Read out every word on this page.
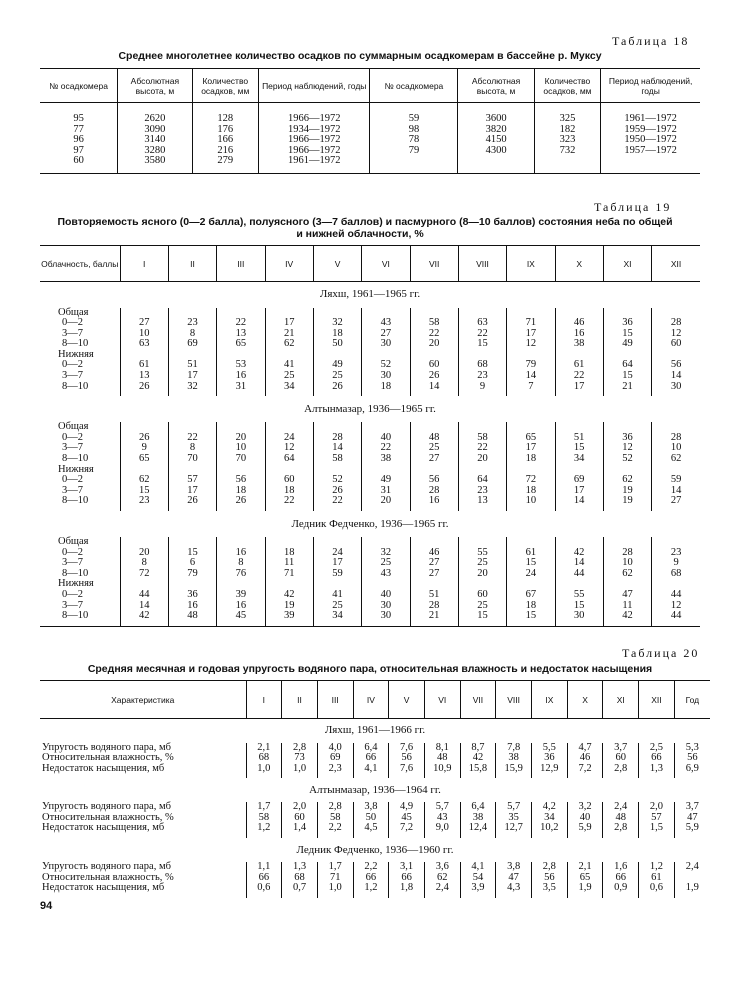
Таблица 18
Среднее многолетнее количество осадков по суммарным осадкомерам в бассейне р. Муксу
№ осадкомера	Абсолютная высота, м	Количество осадков, мм	Период наблюдений, годы	№ осадкомера	Абсолютная высота, м	Количество осадков, мм	Период наблюдений, годы
95	2620	128	1966—1972	59	3600	325	1961—1972
77	3090	176	1934—1972	98	3820	182	1959—1972
96	3140	166	1966—1972	78	4150	323	1950—1972
97	3280	216	1966—1972	79	4300	732	1957—1972
60	3580	279	1961—1972				
Таблица 19
Повторяемость ясного (0—2 балла), полуясного (3—7 баллов) и пасмурного (8—10 баллов) состояния неба по общей
и нижней облачности, %
Облачность, баллы	I	II	III	IV	V	VI	VII	VIII	IX	X	XI	XII
Ляхш, 1961—1965 гг.												
Общая												
0—2	27	23	22	17	32	43	58	63	71	46	36	28
3—7	10	8	13	21	18	27	22	22	17	16	15	12
8—10	63	69	65	62	50	30	20	15	12	38	49	60
Нижняя												
0—2	61	51	53	41	49	52	60	68	79	61	64	56
3—7	13	17	16	25	25	30	26	23	14	22	15	14
8—10	26	32	31	34	26	18	14	9	7	17	21	30
Алтынмазар, 1936—1965 гг.												
Общая												
0—2	26	22	20	24	28	40	48	58	65	51	36	28
3—7	9	8	10	12	14	22	25	22	17	15	12	10
8—10	65	70	70	64	58	38	27	20	18	34	52	62
Нижняя												
0—2	62	57	56	60	52	49	56	64	72	69	62	59
3—7	15	17	18	18	26	31	28	23	18	17	19	14
8—10	23	26	26	22	22	20	16	13	10	14	19	27
Ледник Федченко, 1936—1965 гг.												
Общая												
0—2	20	15	16	18	24	32	46	55	61	42	28	23
3—7	8	6	8	11	17	25	27	25	15	14	10	9
8—10	72	79	76	71	59	43	27	20	24	44	62	68
Нижняя												
0—2	44	36	39	42	41	40	51	60	67	55	47	44
3—7	14	16	16	19	25	30	28	25	18	15	11	12
8—10	42	48	45	39	34	30	21	15	15	30	42	44
Таблица 20
Средняя месячная и годовая упругость водяного пара, относительная влажность и недостаток насыщения
Характеристика	I	II	III	IV	V	VI	VII	VIII	IX	X	XI	XII	Год
Ляхш, 1961—1966 гг.													
Упругость водяного пара, мб	2,1	2,8	4,0	6,4	7,6	8,1	8,7	7,8	5,5	4,7	3,7	2,5	5,3
Относительная влажность, %	68	73	69	66	56	48	42	38	36	46	60	66	56
Недостаток насыщения, мб	1,0	1,0	2,3	4,1	7,6	10,9	15,8	15,9	12,9	7,2	2,8	1,3	6,9
Алтынмазар, 1936—1964 гг.													
Упругость водяного пара, мб	1,7	2,0	2,8	3,8	4,9	5,7	6,4	5,7	4,2	3,2	2,4	2,0	3,7
Относительная влажность, %	58	60	58	50	45	43	38	35	34	40	48	57	47
Недостаток насыщения, мб	1,2	1,4	2,2	4,5	7,2	9,0	12,4	12,7	10,2	5,9	2,8	1,5	5,9
Ледник Федченко, 1936—1960 гг.													
Упругость водяного пара, мб	1,1	1,3	1,7	2,2	3,1	3,6	4,1	3,8	2,8	2,1	1,6	1,2	2,4
Относительная влажность, %	66	68	71	66	66	62	54	47	56	65	66	61	
Недостаток насыщения, мб	0,6	0,7	1,0	1,2	1,8	2,4	3,9	4,3	3,5	1,9	0,9	0,6	1,9
94
